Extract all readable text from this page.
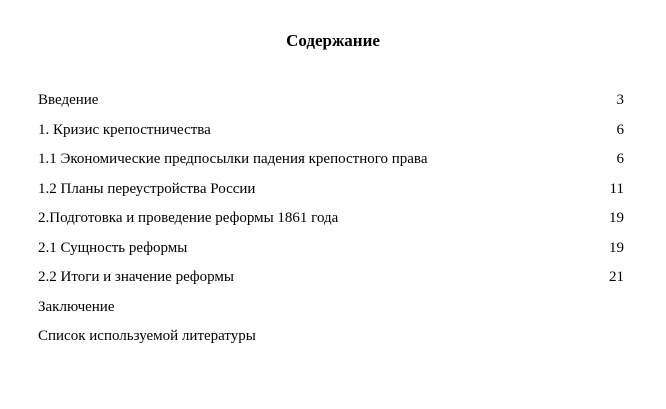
Содержание
Введение	3
1. Кризис крепостничества	6
1.1 Экономические предпосылки падения крепостного права	6
1.2 Планы переустройства России	11
2.Подготовка и проведение реформы 1861 года	19
2.1 Сущность реформы	19
2.2 Итоги и значение реформы	21
Заключение
Список используемой литературы
